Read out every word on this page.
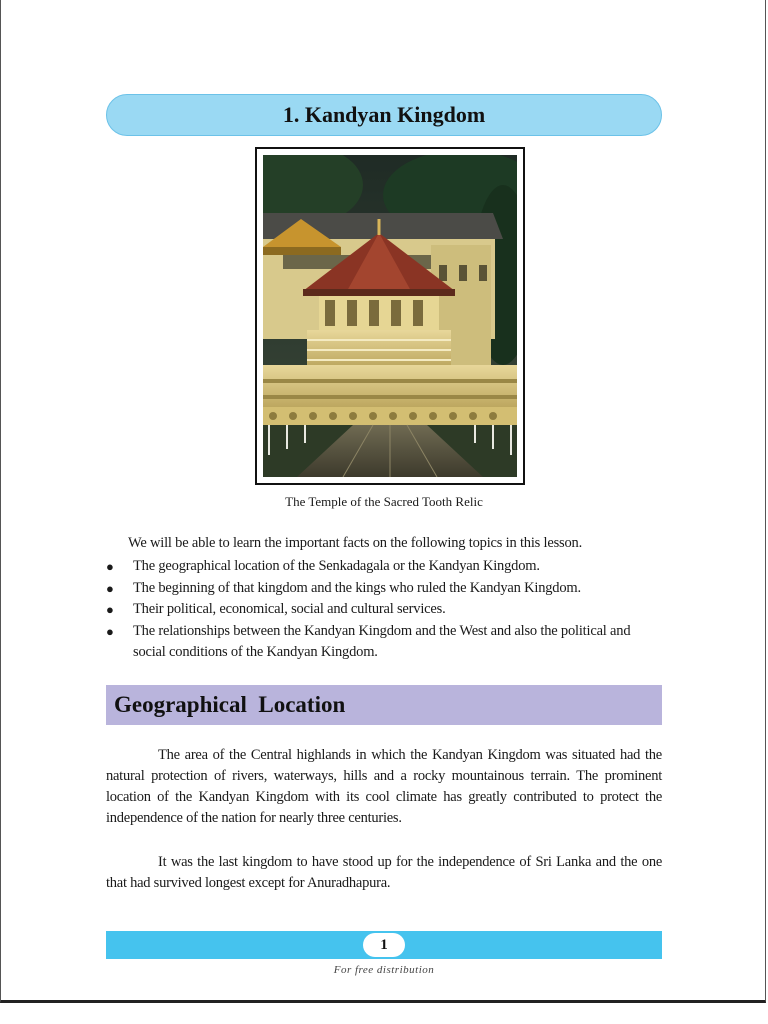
1. Kandyan Kingdom
The Temple of the Sacred Tooth Relic
We will be able to learn the important facts on the following topics in this lesson.
● The geographical location of the Senkadagala or the Kandyan Kingdom.
● The beginning of that kingdom and the kings who ruled the Kandyan Kingdom.
● Their political, economical, social and cultural services.
● The relationships between the Kandyan Kingdom and the West and also the political and social conditions of the Kandyan Kingdom.
Geographical  Location

The area of the Central highlands in which the Kandyan Kingdom was situated had the natural protection of rivers, waterways, hills and a rocky mountainous terrain. The prominent location of the Kandyan Kingdom with its cool climate has greatly contributed to protect the independence of the nation for nearly three centuries.

It was the last kingdom to have stood up for the independence of Sri Lanka and the one that had survived longest except for Anuradhapura.

1
For free distribution
